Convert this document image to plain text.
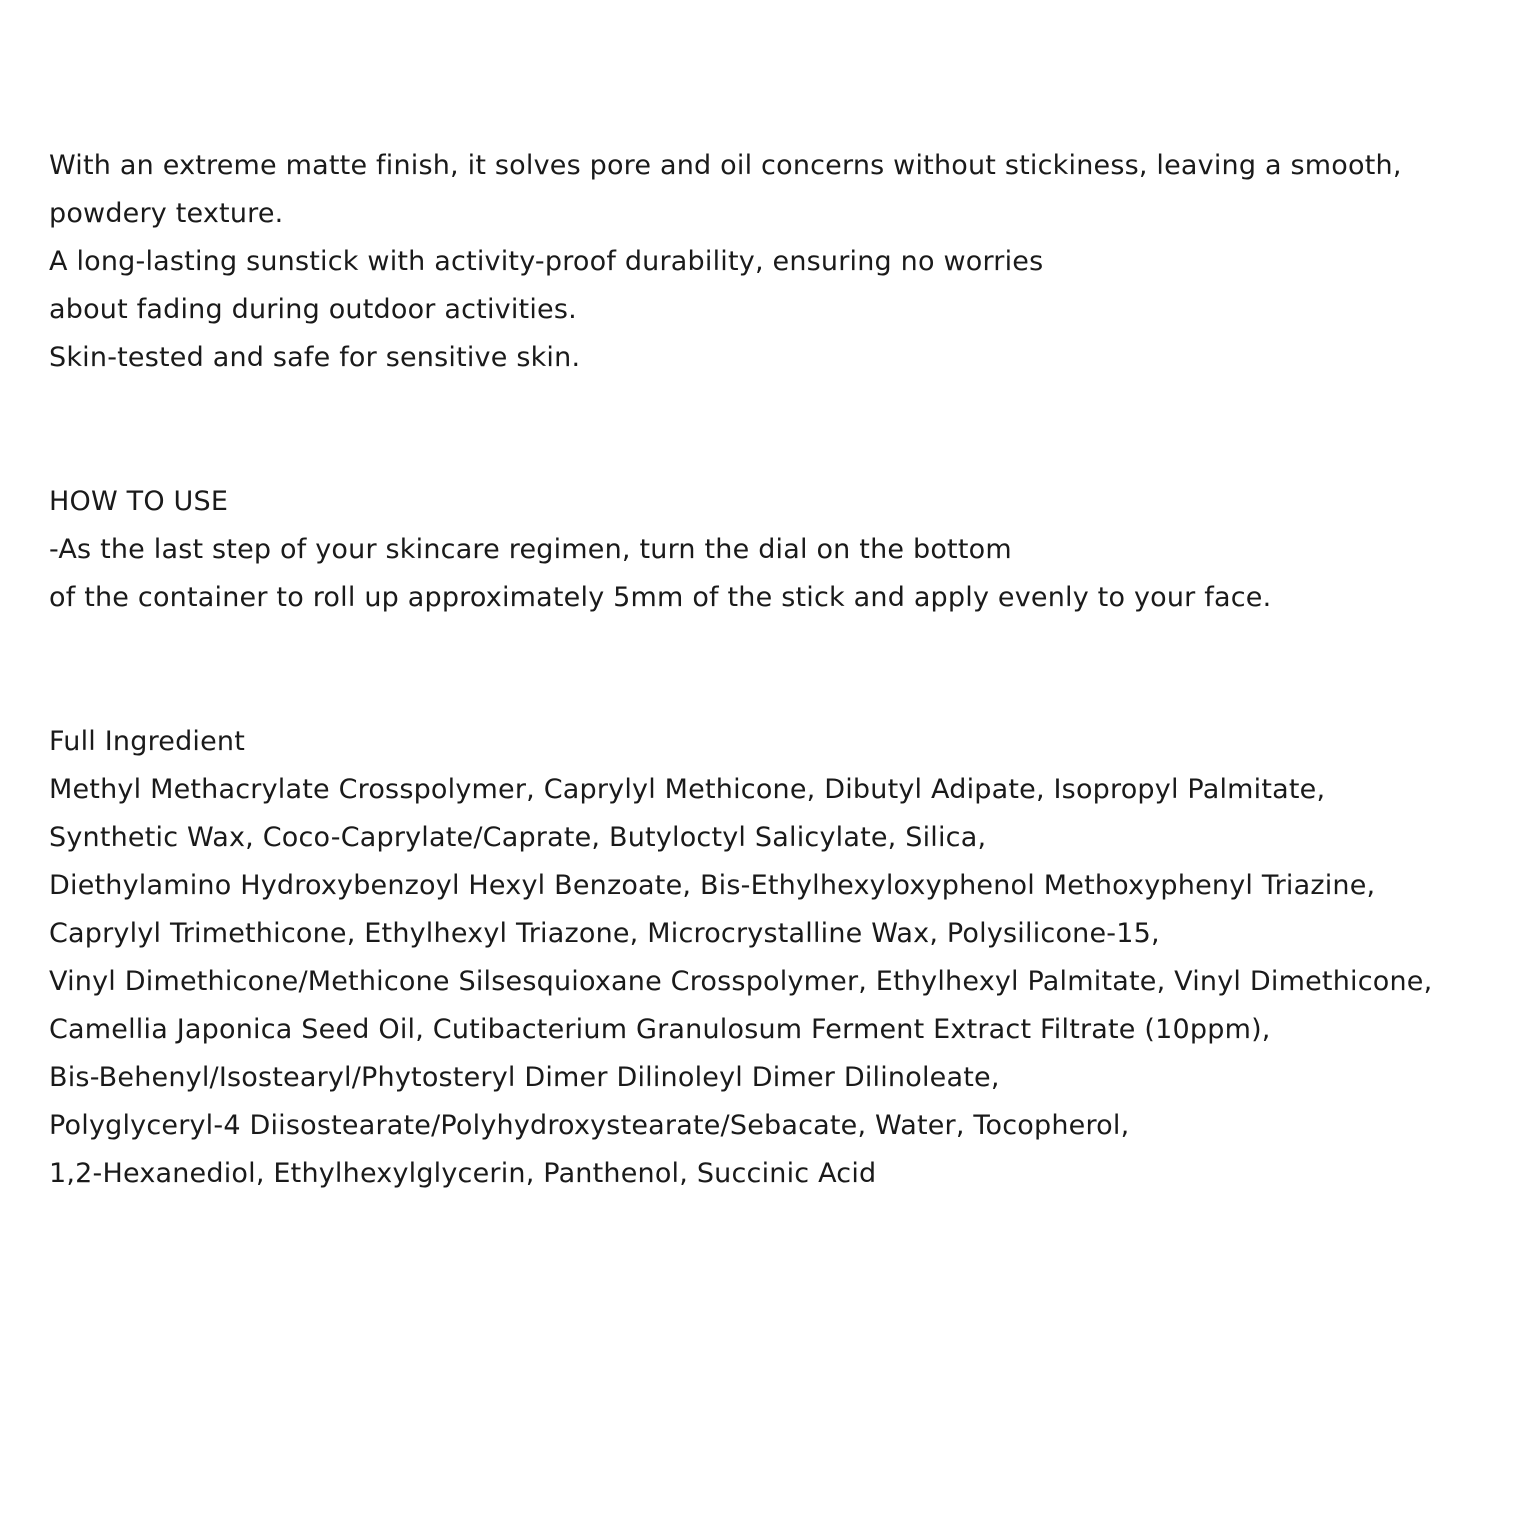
With an extreme matte finish, it solves pore and oil concerns without stickiness, leaving a smooth,
powdery texture.
A long-lasting sunstick with activity-proof durability, ensuring no worries
about fading during outdoor activities.
Skin-tested and safe for sensitive skin.
HOW TO USE
-As the last step of your skincare regimen, turn the dial on the bottom
of the container to roll up approximately 5mm of the stick and apply evenly to your face.
Full Ingredient
Methyl Methacrylate Crosspolymer, Caprylyl Methicone, Dibutyl Adipate, Isopropyl Palmitate,
Synthetic Wax, Coco-Caprylate/Caprate, Butyloctyl Salicylate, Silica,
Diethylamino Hydroxybenzoyl Hexyl Benzoate, Bis-Ethylhexyloxyphenol Methoxyphenyl Triazine,
Caprylyl Trimethicone, Ethylhexyl Triazone, Microcrystalline Wax, Polysilicone-15,
Vinyl Dimethicone/Methicone Silsesquioxane Crosspolymer, Ethylhexyl Palmitate, Vinyl Dimethicone,
Camellia Japonica Seed Oil, Cutibacterium Granulosum Ferment Extract Filtrate (10ppm),
Bis-Behenyl/Isostearyl/Phytosteryl Dimer Dilinoleyl Dimer Dilinoleate,
Polyglyceryl-4 Diisostearate/Polyhydroxystearate/Sebacate, Water, Tocopherol,
1,2-Hexanediol, Ethylhexylglycerin, Panthenol, Succinic Acid
